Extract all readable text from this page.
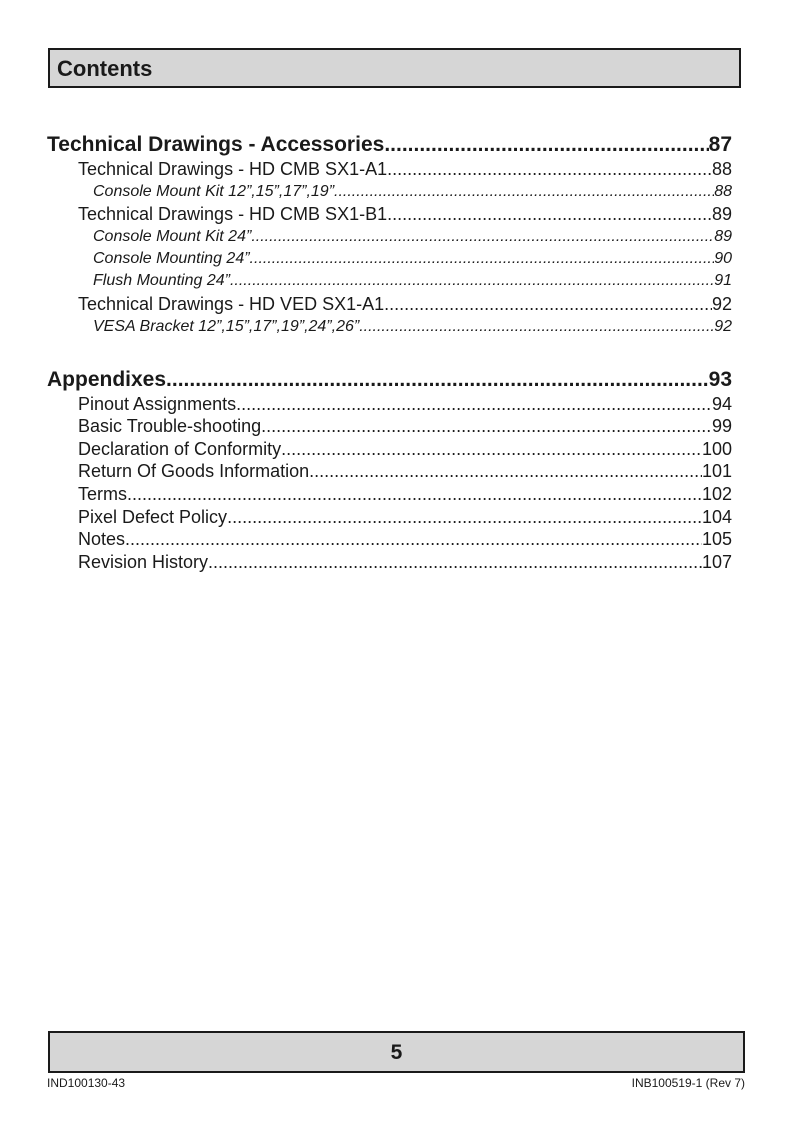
Contents
Technical Drawings - Accessories .....	87
Technical Drawings - HD CMB SX1-A1 .....	88
Console Mount Kit 12”,15”,17”,19” .....	88
Technical Drawings - HD CMB SX1-B1 .....	89
Console Mount Kit 24” .....	89
Console Mounting 24” .....	90
Flush Mounting 24” .....	91
Technical Drawings - HD VED SX1-A1 .....	92
VESA Bracket 12”,15”,17”,19”,24”,26” .....	92
Appendixes .....	93
Pinout Assignments .....	94
Basic Trouble-shooting .....	99
Declaration of Conformity .....	100
Return Of Goods Information .....	101
Terms .....	102
Pixel Defect Policy .....	104
Notes .....	105
Revision History .....	107
5
IND100130-43	INB100519-1 (Rev 7)
